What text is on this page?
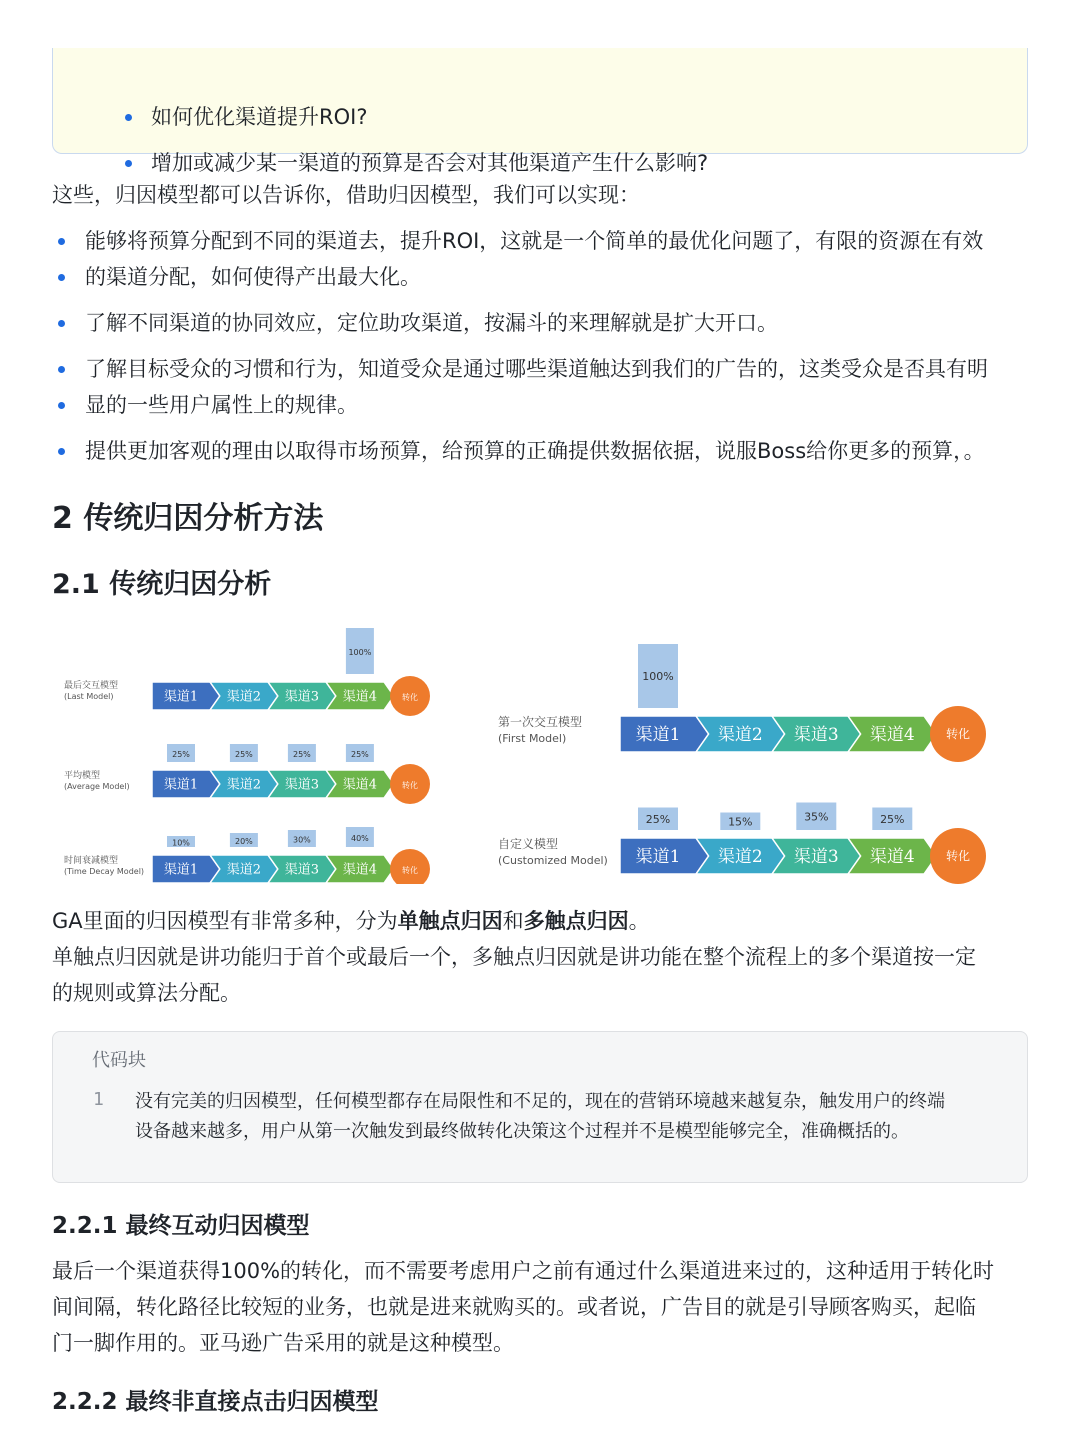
如何优化渠道提升ROI?
增加或减少某一渠道的预算是否会对其他渠道产生什么影响?
这些，归因模型都可以告诉你，借助归因模型，我们可以实现：
能够将预算分配到不同的渠道去，提升ROI，这就是一个简单的最优化问题了，有限的资源在有效
的渠道分配，如何使得产出最大化。
了解不同渠道的协同效应，定位助攻渠道，按漏斗的来理解就是扩大开口。
了解目标受众的习惯和行为，知道受众是通过哪些渠道触达到我们的广告的，这类受众是否具有明
显的一些用户属性上的规律。
提供更加客观的理由以取得市场预算，给预算的正确提供数据依据，说服Boss给你更多的预算，。
2 传统归因分析方法
2.1 传统归因分析
最后交互模型
(Last Model)	渠道1 渠道2 渠道3 渠道4
100%
转化
平均模型
(Average Model)	渠道1
25%
渠道2
25%
渠道3
25%
渠道4
25%
转化
时间衰减模型
(Time Decay Model) 渠道1
10%
渠道2
20%
渠道3
30%
渠道4
40%
转化
第一次交互模型
(First Model)	渠道1
100%
渠道2 渠道3 渠道4	转化
自定义模型
(Customized Model) 渠道1
25%
渠道2
15%
渠道3
35%
渠道4
25%
转化
GA里面的归因模型有非常多种，分为单触点归因和多触点归因。
单触点归因就是讲功能归于首个或最后一个，多触点归因就是讲功能在整个流程上的多个渠道按一定
的规则或算法分配。
代码块
1 没有完美的归因模型，任何模型都存在局限性和不足的，现在的营销环境越来越复杂，触发用户的终端
设备越来越多，用户从第一次触发到最终做转化决策这个过程并不是模型能够完全，准确概括的。
2.2.1 最终互动归因模型
最后一个渠道获得100%的转化，而不需要考虑用户之前有通过什么渠道进来过的，这种适用于转化时
间间隔，转化路径比较短的业务，也就是进来就购买的。或者说，广告目的就是引导顾客购买，起临
门一脚作用的。亚马逊广告采用的就是这种模型。
2.2.2 最终非直接点击归因模型
